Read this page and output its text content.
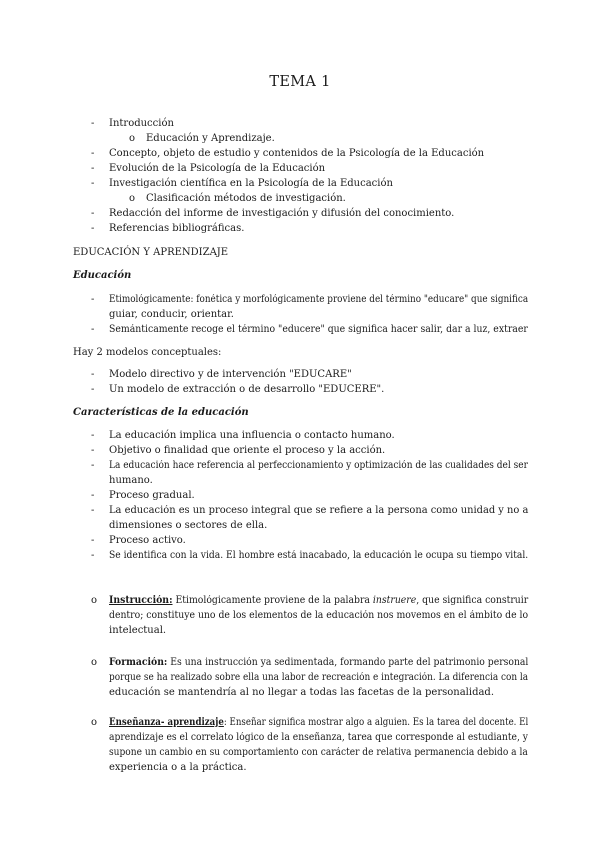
TEMA 1
- Introducción
o Educación y Aprendizaje.
- Concepto, objeto de estudio y contenidos de la Psicología de la Educación
- Evolución de la Psicología de la Educación
- Investigación científica en la Psicología de la Educación
o Clasificación métodos de investigación.
- Redacción del informe de investigación y difusión del conocimiento.
- Referencias bibliográficas.
EDUCACIÓN Y APRENDIZAJE
Educación
- Etimológicamente: fonética y morfológicamente proviene del término "educare" que significa
guiar, conducir, orientar.
- Semánticamente recoge el término "educere" que significa hacer salir, dar a luz, extraer
Hay 2 modelos conceptuales:
- Modelo directivo y de intervención "EDUCARE"
- Un modelo de extracción o de desarrollo "EDUCERE".
Características de la educación
- La educación implica una influencia o contacto humano.
- Objetivo o finalidad que oriente el proceso y la acción.
- La educación hace referencia al perfeccionamiento y optimización de las cualidades del ser
humano.
- Proceso gradual.
- La educación es un proceso integral que se refiere a la persona como unidad y no a
dimensiones o sectores de ella.
- Proceso activo.
- Se identifica con la vida. El hombre está inacabado, la educación le ocupa su tiempo vital.
o Instrucción: Etimológicamente proviene de la palabra instruere, que significa construir
dentro; constituye uno de los elementos de la educación nos movemos en el ámbito de lo
intelectual.
o Formación: Es una instrucción ya sedimentada, formando parte del patrimonio personal
porque se ha realizado sobre ella una labor de recreación e integración. La diferencia con la
educación se mantendría al no llegar a todas las facetas de la personalidad.
o Enseñanza- aprendizaje: Enseñar significa mostrar algo a alguien. Es la tarea del docente. El
aprendizaje es el correlato lógico de la enseñanza, tarea que corresponde al estudiante, y
supone un cambio en su comportamiento con carácter de relativa permanencia debido a la
experiencia o a la práctica.
